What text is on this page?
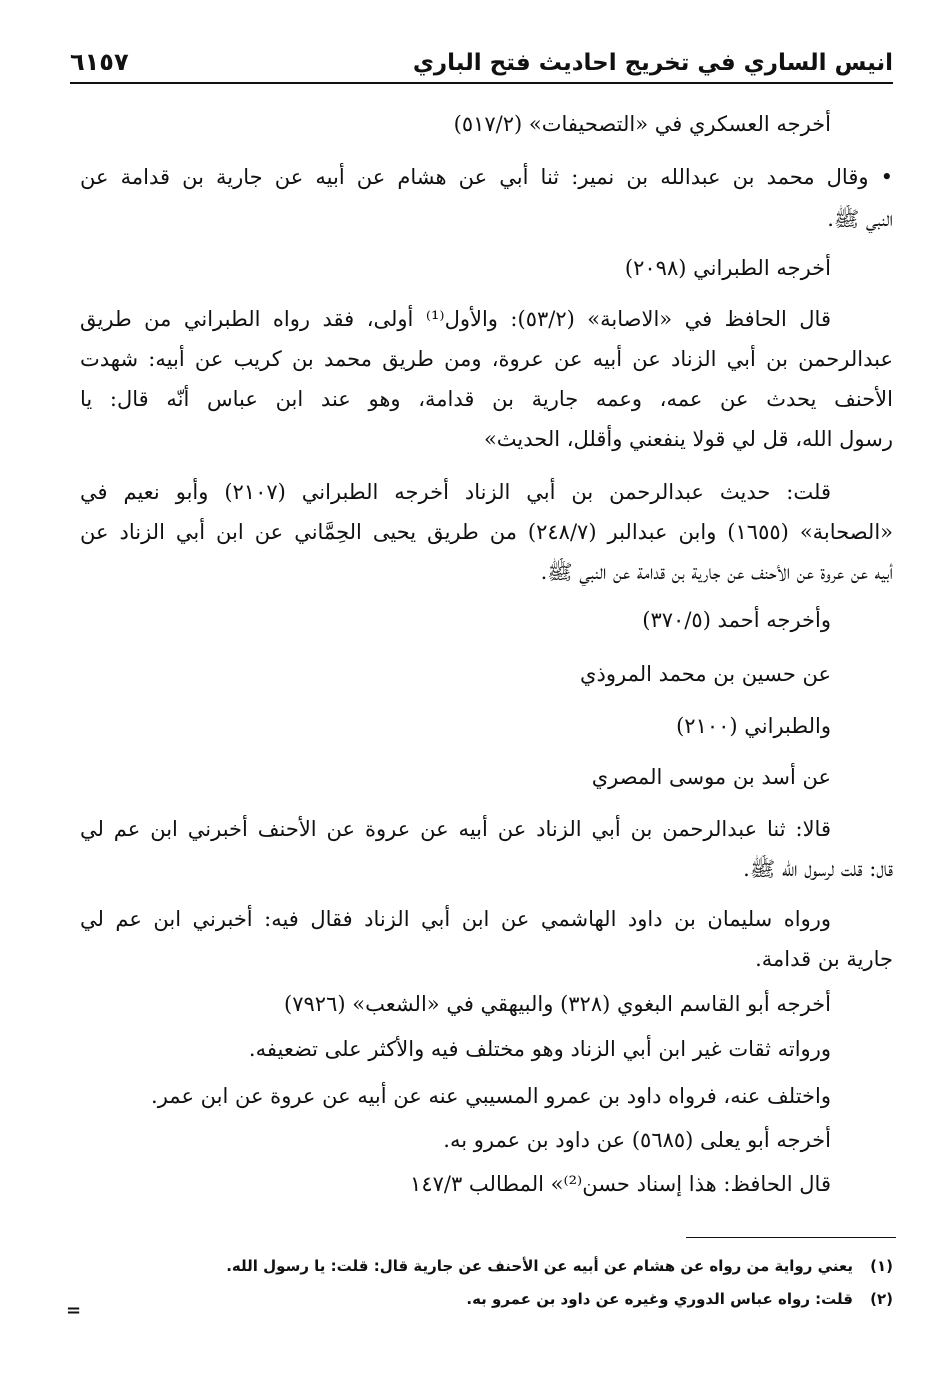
انيس الساري في تخريج احاديث فتح الباري
٦١٥٧
أخرجه العسكري في «التصحيفات» (٥١٧/٢)
• وقال محمد بن عبدالله بن نمير: ثنا أبي عن هشام عن أبيه عن جارية بن قدامة عن
النبي ﷺ.
أخرجه الطبراني (٢٠٩٨)
قال الحافظ في «الاصابة» (٥٣/٢): والأول⁽¹⁾ أولى، فقد رواه الطبراني من طريق
عبدالرحمن بن أبي الزناد عن أبيه عن عروة، ومن طريق محمد بن كريب عن أبيه: شهدت
الأحنف يحدث عن عمه، وعمه جارية بن قدامة، وهو عند ابن عباس أنّه قال: يا
رسول الله، قل لي قولا ينفعني وأقلل، الحديث»
قلت: حديث عبدالرحمن بن أبي الزناد أخرجه الطبراني (٢١٠٧) وأبو نعيم في
«الصحابة» (١٦٥٥) وابن عبدالبر (٢٤٨/٧) من طريق يحيى الحِمَّاني عن ابن أبي الزناد عن
أبيه عن عروة عن الأحنف عن جارية بن قدامة عن النبي ﷺ.
وأخرجه أحمد (٣٧٠/٥)
عن حسين بن محمد المروذي
والطبراني (٢١٠٠)
عن أسد بن موسى المصري
قالا: ثنا عبدالرحمن بن أبي الزناد عن أبيه عن عروة عن الأحنف أخبرني ابن عم لي
قال: قلت لرسول الله ﷺ.
ورواه سليمان بن داود الهاشمي عن ابن أبي الزناد فقال فيه: أخبرني ابن عم لي
جارية بن قدامة.
أخرجه أبو القاسم البغوي (٣٢٨) والبيهقي في «الشعب» (٧٩٢٦)
ورواته ثقات غير ابن أبي الزناد وهو مختلف فيه والأكثر على تضعيفه.
واختلف عنه، فرواه داود بن عمرو المسيبي عنه عن أبيه عن عروة عن ابن عمر.
أخرجه أبو يعلى (٥٦٨٥) عن داود بن عمرو به.
قال الحافظ: هذا إسناد حسن⁽²⁾» المطالب ١٤٧/٣
(١)يعني رواية من رواه عن هشام عن أبيه عن الأحنف عن جارية قال: قلت: يا رسول الله.
(٢)قلت: رواه عباس الدوري وغيره عن داود بن عمرو به.
=
